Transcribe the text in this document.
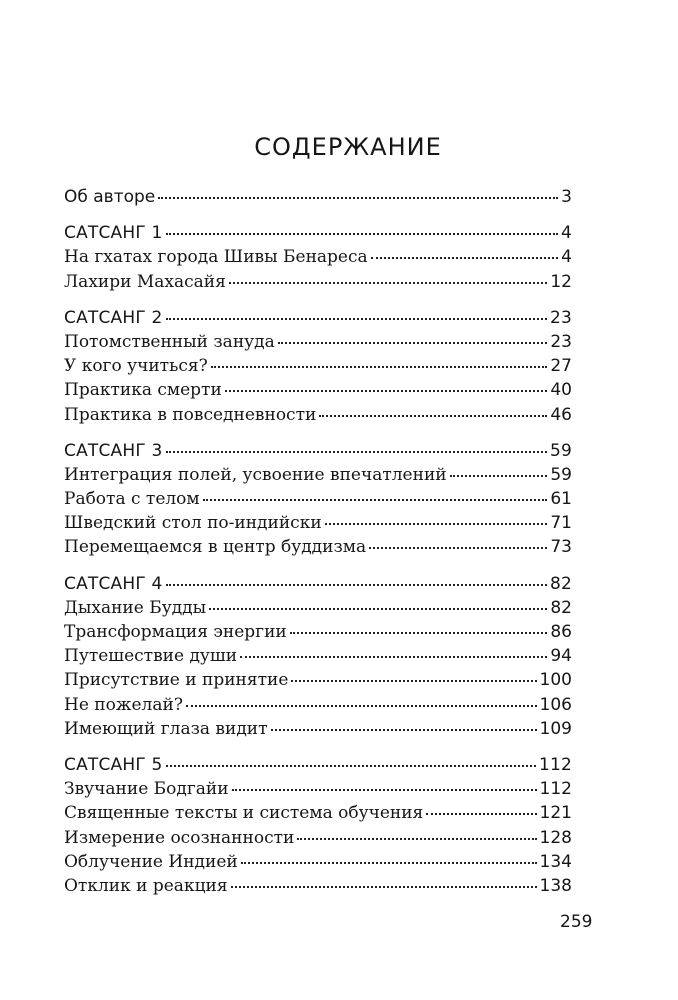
СОДЕРЖАНИЕ
Об авторе	3
САТСАНГ 1	4
На гхатах города Шивы Бенареса	4
Лахири Махасайя	12
САТСАНГ 2	23
Потомственный зануда	23
У кого учиться?	27
Практика смерти	40
Практика в повседневности	46
САТСАНГ 3	59
Интеграция полей, усвоение впечатлений	59
Работа с телом	61
Шведский стол по-индийски	71
Перемещаемся в центр буддизма	73
САТСАНГ 4	82
Дыхание Будды	82
Трансформация энергии	86
Путешествие души	94
Присутствие и принятие	100
Не пожелай?	106
Имеющий глаза видит	109
САТСАНГ 5	112
Звучание Бодгайи	112
Священные тексты и система обучения	121
Измерение осознанности	128
Облучение Индией	134
Отклик и реакция	138
259
